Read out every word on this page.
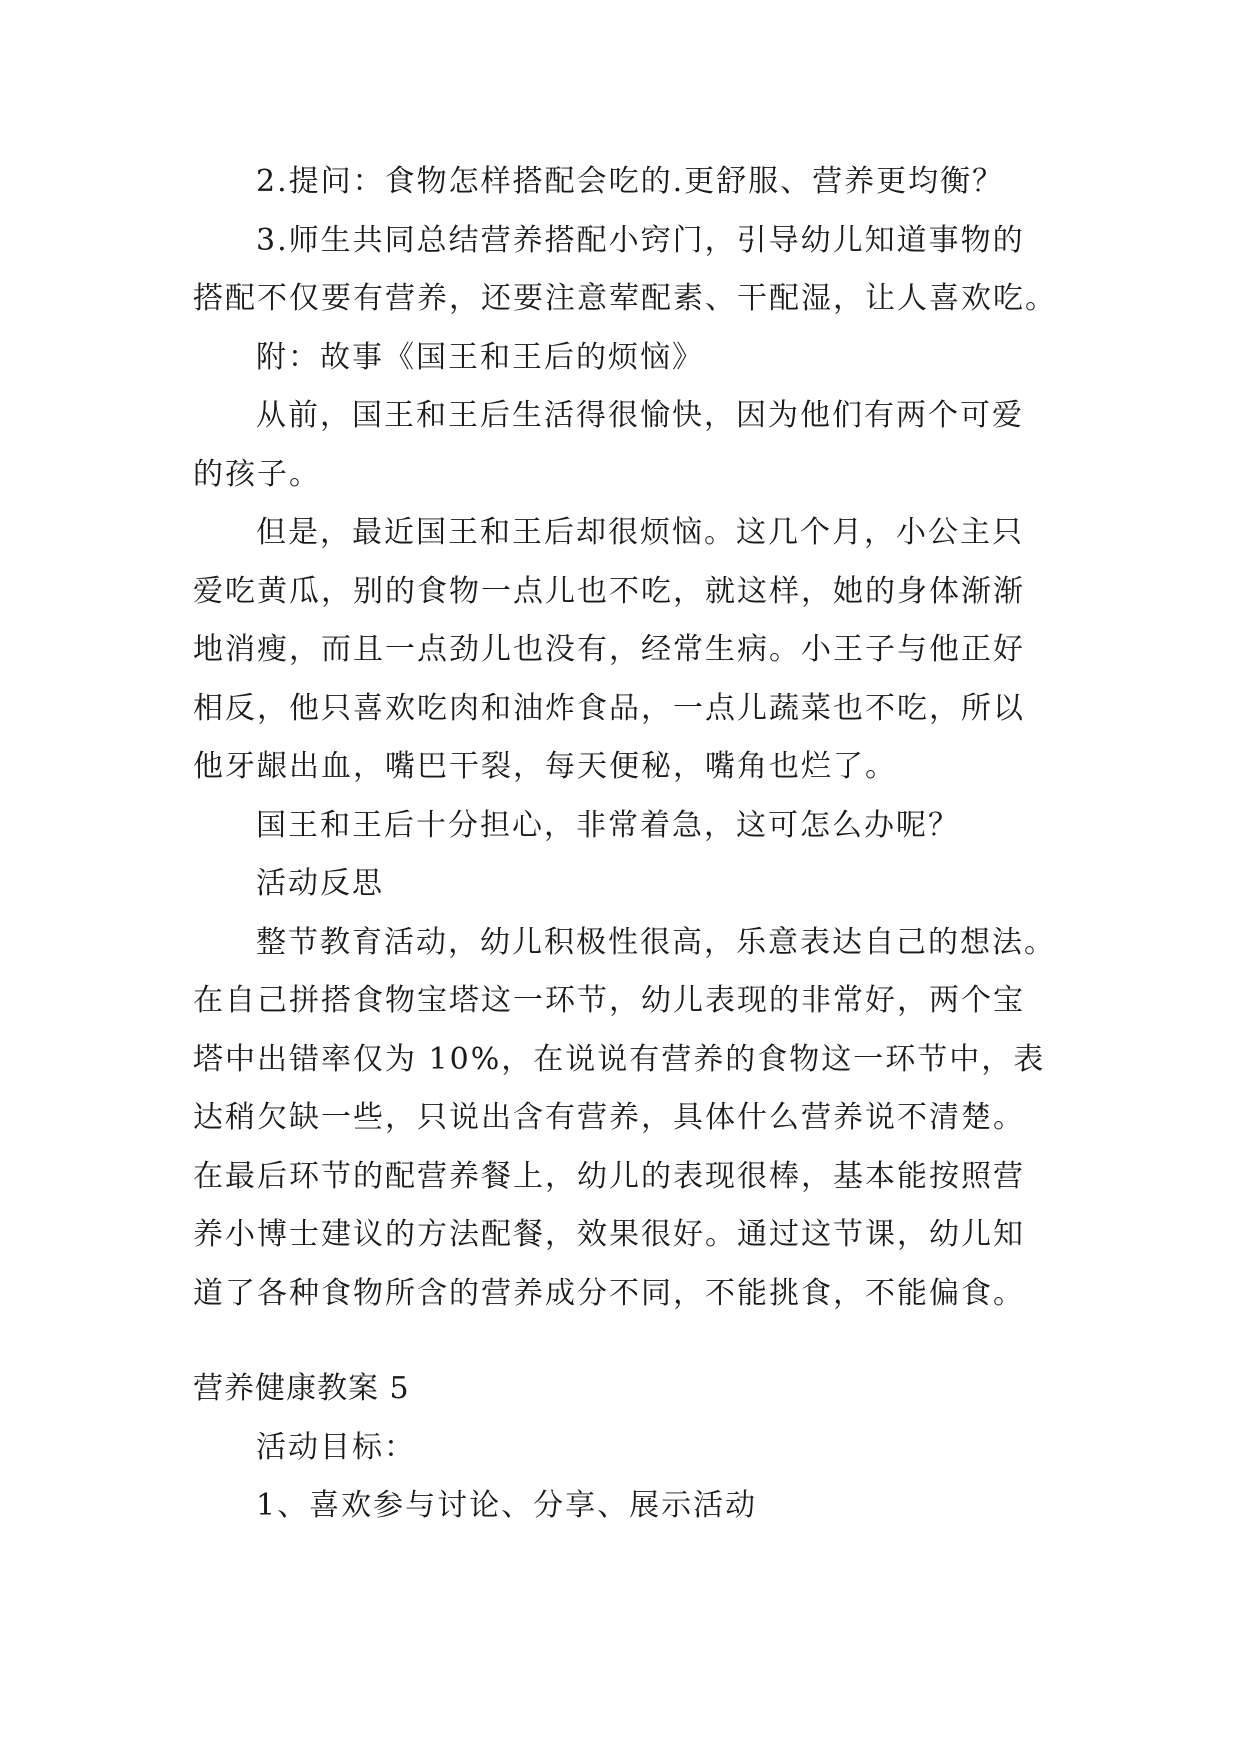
2.提问：食物怎样搭配会吃的.更舒服、营养更均衡？
3.师生共同总结营养搭配小窍门，引导幼儿知道事物的
搭配不仅要有营养，还要注意荤配素、干配湿，让人喜欢吃。
附：故事《国王和王后的烦恼》
从前，国王和王后生活得很愉快，因为他们有两个可爱
的孩子。
但是，最近国王和王后却很烦恼。这几个月，小公主只
爱吃黄瓜，别的食物一点儿也不吃，就这样，她的身体渐渐
地消瘦，而且一点劲儿也没有，经常生病。小王子与他正好
相反，他只喜欢吃肉和油炸食品，一点儿蔬菜也不吃，所以
他牙龈出血，嘴巴干裂，每天便秘，嘴角也烂了。
国王和王后十分担心，非常着急，这可怎么办呢？
活动反思
整节教育活动，幼儿积极性很高，乐意表达自己的想法。
在自己拼搭食物宝塔这一环节，幼儿表现的非常好，两个宝
塔中出错率仅为 10%，在说说有营养的食物这一环节中，表
达稍欠缺一些，只说出含有营养，具体什么营养说不清楚。
在最后环节的配营养餐上，幼儿的表现很棒，基本能按照营
养小博士建议的方法配餐，效果很好。通过这节课，幼儿知
道了各种食物所含的营养成分不同，不能挑食，不能偏食。
营养健康教案 5
活动目标：
1、喜欢参与讨论、分享、展示活动
